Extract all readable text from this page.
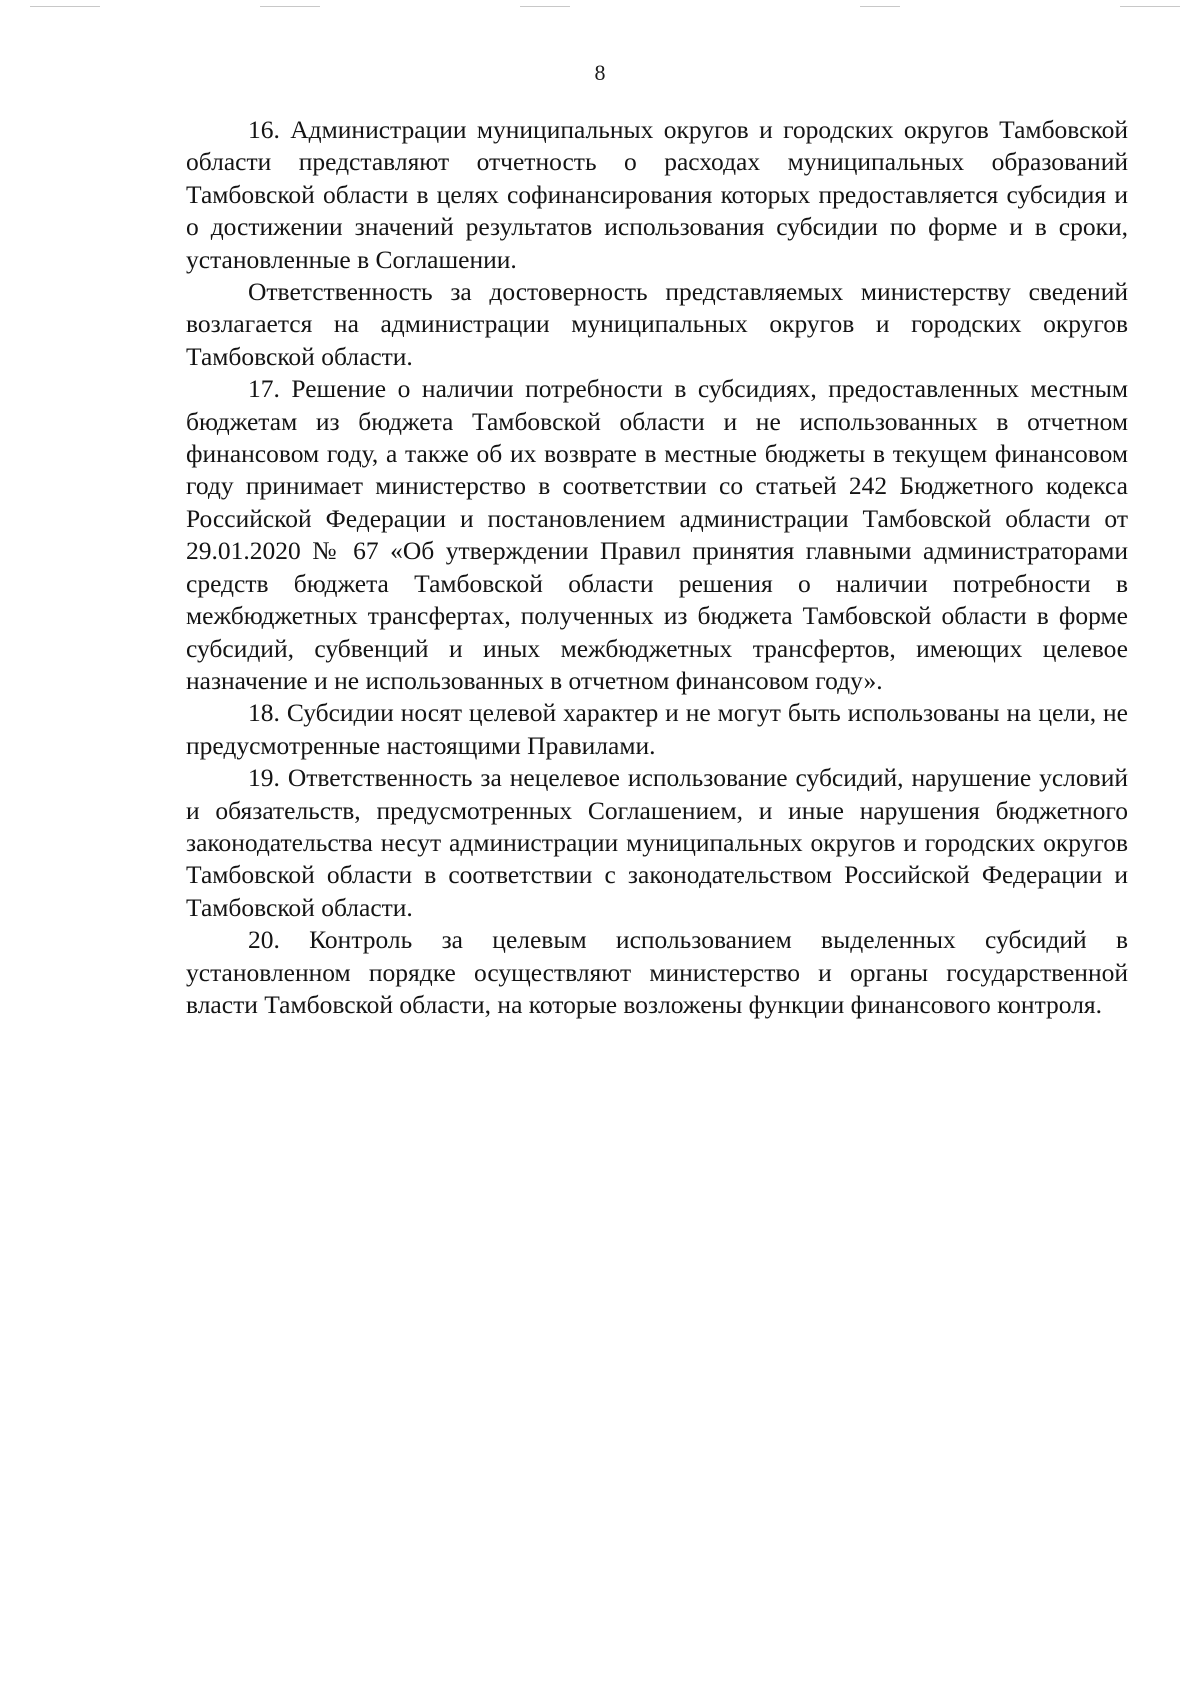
8

16. Администрации муниципальных округов и городских округов Тамбовской области представляют отчетность о расходах муниципальных образований Тамбовской области в целях софинансирования которых предоставляется субсидия и о достижении значений результатов использования субсидии по форме и в сроки, установленные в Соглашении.

Ответственность за достоверность представляемых министерству сведений возлагается на администрации муниципальных округов и городских округов Тамбовской области.

17. Решение о наличии потребности в субсидиях, предоставленных местным бюджетам из бюджета Тамбовской области и не использованных в отчетном финансовом году, а также об их возврате в местные бюджеты в текущем финансовом году принимает министерство в соответствии со статьей 242 Бюджетного кодекса Российской Федерации и постановлением администрации Тамбовской области от 29.01.2020 № 67 «Об утверждении Правил принятия главными администраторами средств бюджета Тамбовской области решения о наличии потребности в межбюджетных трансфертах, полученных из бюджета Тамбовской области в форме субсидий, субвенций и иных межбюджетных трансфертов, имеющих целевое назначение и не использованных в отчетном финансовом году».

18. Субсидии носят целевой характер и не могут быть использованы на цели, не предусмотренные настоящими Правилами.

19. Ответственность за нецелевое использование субсидий, нарушение условий и обязательств, предусмотренных Соглашением, и иные нарушения бюджетного законодательства несут администрации муниципальных округов и городских округов Тамбовской области в соответствии с законодательством Российской Федерации и Тамбовской области.

20. Контроль за целевым использованием выделенных субсидий в установленном порядке осуществляют министерство и органы государственной власти Тамбовской области, на которые возложены функции финансового контроля.
